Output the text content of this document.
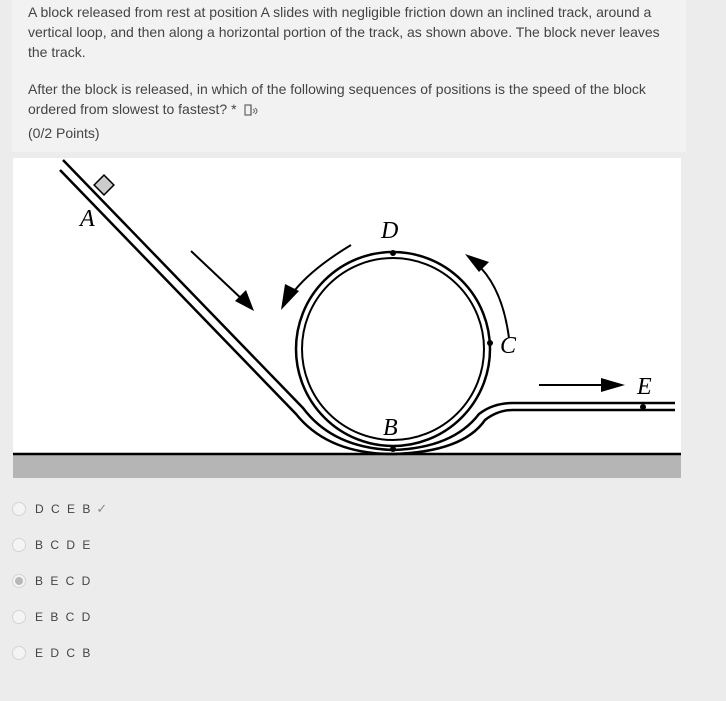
A block released from rest at position A slides with negligible friction down an inclined track, around a vertical loop, and then along a horizontal portion of the track, as shown above. The block never leaves the track.

After the block is released, in which of the following sequences of positions is the speed of the block ordered from slowest to fastest? *
(0/2 Points)

A	D
C
B
E
D C E B ✓
B C D E
B E C D
E B C D
E D C B
